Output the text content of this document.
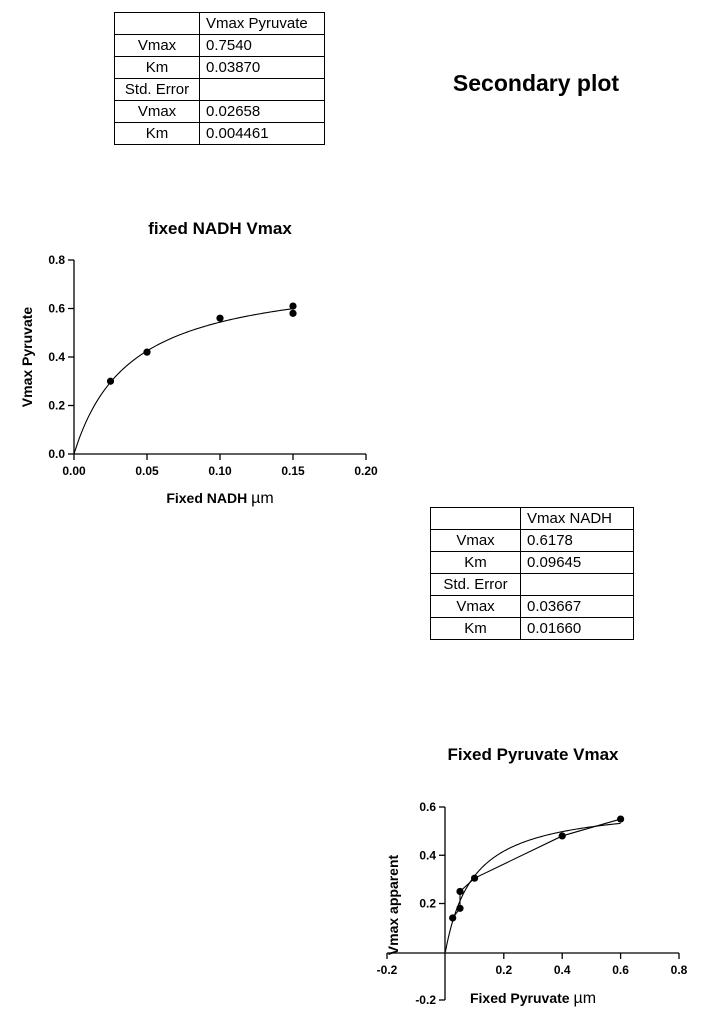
Secondary plot
	Vmax Pyruvate
Vmax	0.7540
Km	0.03870
Std. Error	
Vmax	0.02658
Km	0.004461
	Vmax NADH
Vmax	0.6178
Km	0.09645
Std. Error	
Vmax	0.03667
Km	0.01660
fixed NADH Vmax
0.00	0.05	0.10	0.15	0.20
0.0
0.2
0.4
0.6
0.8
Fixed NADH µm
Vmax Pyruvate
Fixed Pyruvate Vmax
-0.2	0.2	0.4	0.6	0.8
-0.2
0.2
0.4
0.6
Fixed Pyruvate µm
Vmax apparent
